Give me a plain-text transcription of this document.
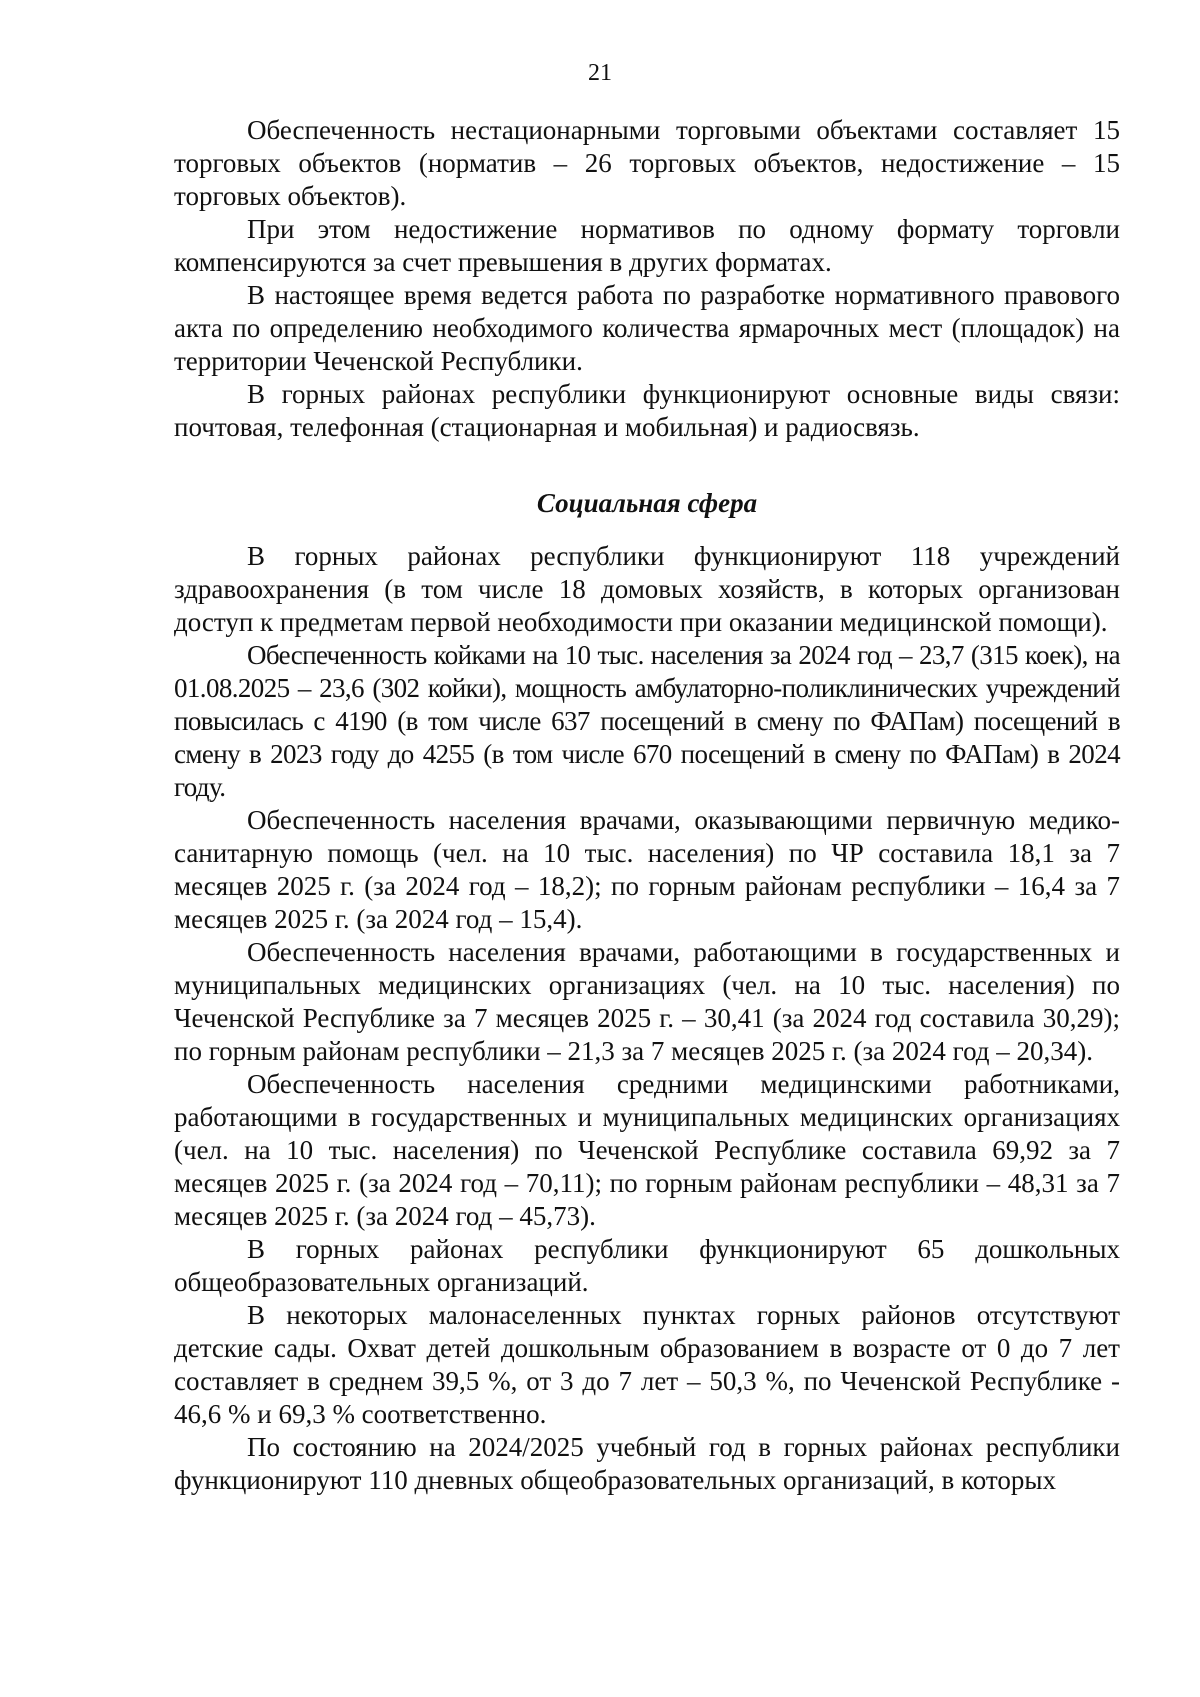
21

Обеспеченность нестационарными торговыми объектами составляет 15 торговых объектов (норматив – 26 торговых объектов, недостижение – 15 торговых объектов).

При этом недостижение нормативов по одному формату торговли компенсируются за счет превышения в других форматах.

В настоящее время ведется работа по разработке нормативного правового акта по определению необходимого количества ярмарочных мест (площадок) на территории Чеченской Республики.

В горных районах республики функционируют основные виды связи: почтовая, телефонная (стационарная и мобильная) и радиосвязь.

Социальная сфера

В горных районах республики функционируют 118 учреждений здравоохранения (в том числе 18 домовых хозяйств, в которых организован доступ к предметам первой необходимости при оказании медицинской помощи).

Обеспеченность койками на 10 тыс. населения за 2024 год – 23,7 (315 коек), на 01.08.2025 – 23,6 (302 койки), мощность амбулаторно-поликлинических учреждений повысилась с 4190 (в том числе 637 посещений в смену по ФАПам) посещений в смену в 2023 году до 4255 (в том числе 670 посещений в смену по ФАПам) в 2024 году.

Обеспеченность населения врачами, оказывающими первичную медико-санитарную помощь (чел. на 10 тыс. населения) по ЧР составила 18,1 за 7 месяцев 2025 г. (за 2024 год – 18,2); по горным районам республики – 16,4 за 7 месяцев 2025 г. (за 2024 год – 15,4).

Обеспеченность населения врачами, работающими в государственных и муниципальных медицинских организациях (чел. на 10 тыс. населения) по Чеченской Республике за 7 месяцев 2025 г. – 30,41 (за 2024 год составила 30,29); по горным районам республики – 21,3 за 7 месяцев 2025 г. (за 2024 год – 20,34).

Обеспеченность населения средними медицинскими работниками, работающими в государственных и муниципальных медицинских организациях (чел. на 10 тыс. населения) по Чеченской Республике составила 69,92 за 7 месяцев 2025 г. (за 2024 год – 70,11); по горным районам республики – 48,31 за 7 месяцев 2025 г. (за 2024 год – 45,73).

В горных районах республики функционируют 65 дошкольных общеобразовательных организаций.

В некоторых малонаселенных пунктах горных районов отсутствуют детские сады. Охват детей дошкольным образованием в возрасте от 0 до 7 лет составляет в среднем 39,5 %, от 3 до 7 лет – 50,3 %, по Чеченской Республике - 46,6 % и 69,3 % соответственно.

По состоянию на 2024/2025 учебный год в горных районах республики функционируют 110 дневных общеобразовательных организаций, в которых
